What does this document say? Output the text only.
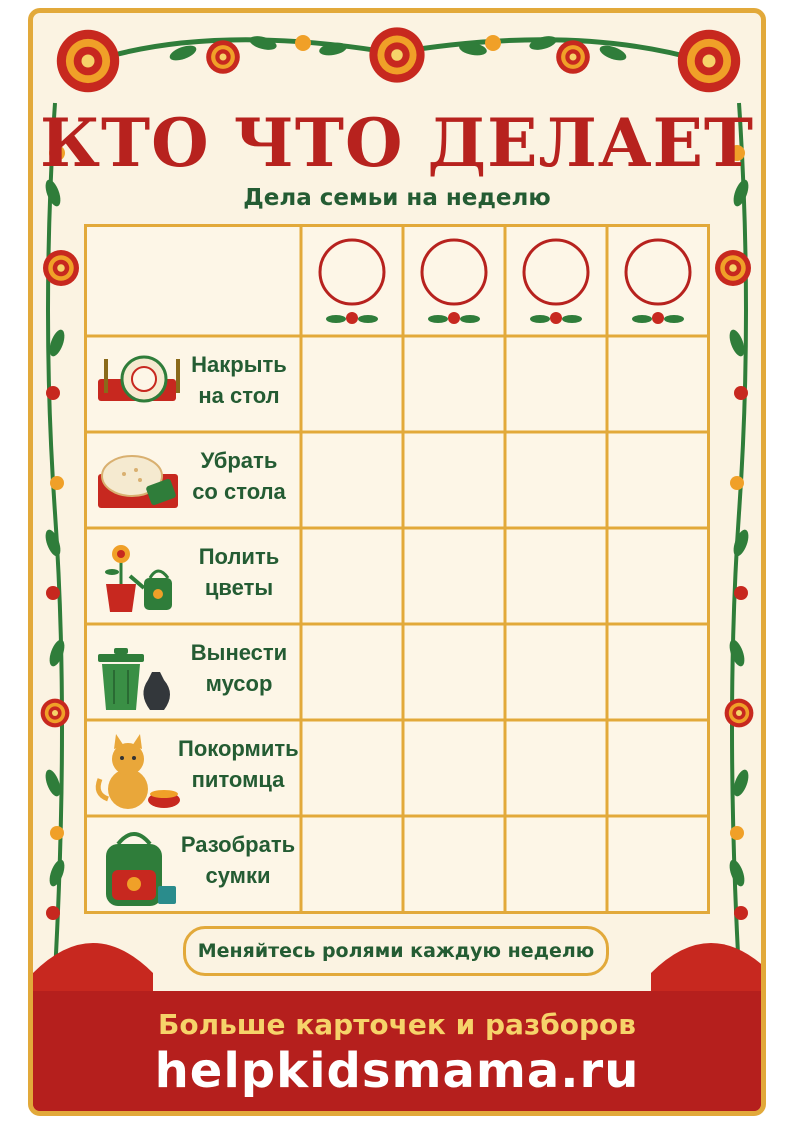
КТО ЧТО ДЕЛАЕТ
Дела семьи на неделю
Накрыть
на стол
Убрать
со стола
Полить
цветы
Вынести
мусор
Покормить
питомца
Разобрать
сумки
Меняйтесь ролями каждую неделю
Больше карточек и разборов
helpkidsmama.ru
